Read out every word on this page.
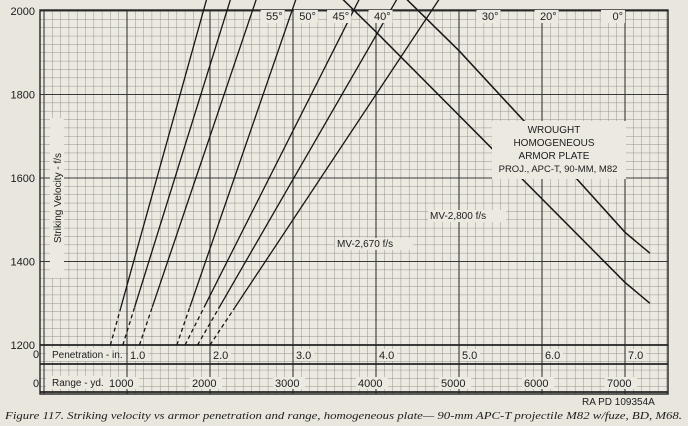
Penetration - in.
0
Range - yd.
0
1200
1400
1600
1800
2000
1.0	2.0	3.0	4.0	5.0	6.0	7.0
1000	2000	3000	4000	5000	6000	7000
Striking Velocity - f/s
55° 50° 45° 40°	30°	20°	0°
MV-2,800 f/s
MV-2,670 f/s
WROUGHT
HOMOGENEOUS
ARMOR PLATE
PROJ., APC-T, 90-MM, M82
RA PD 109354A
Figure 117. Striking velocity vs armor penetration and range, homogeneous plate— 90-mm APC-T projectile M82 w/fuze, BD, M68.
